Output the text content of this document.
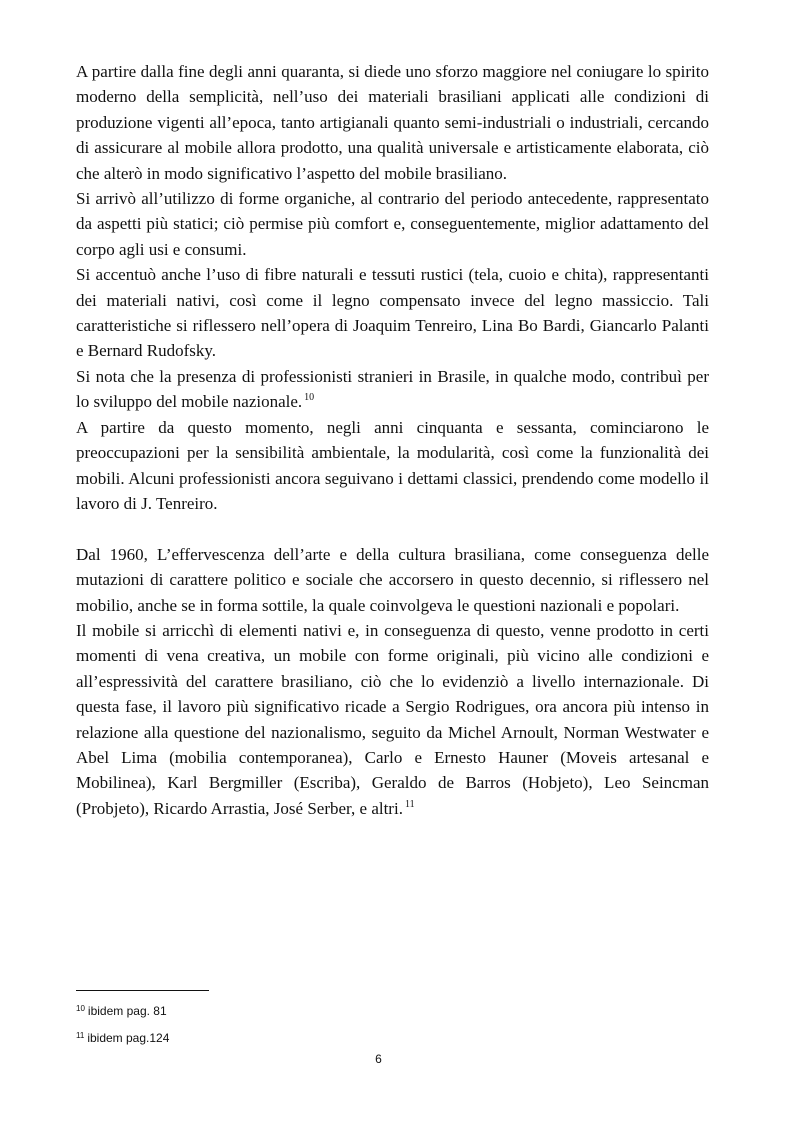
A partire dalla fine degli anni quaranta, si diede uno sforzo maggiore nel coniugare lo spirito moderno della semplicità, nell’uso dei materiali brasiliani applicati alle condizioni di produzione vigenti all’epoca, tanto artigianali quanto semi-industriali o industriali, cercando di assicurare al mobile allora prodotto, una qualità universale e artisticamente elaborata, ciò che alterò in modo significativo l’aspetto del mobile brasiliano.

Si arrivò all’utilizzo di forme organiche, al contrario del periodo antecedente, rappresentato da aspetti più statici; ciò permise più comfort e, conseguentemente, miglior adattamento del corpo agli usi e consumi.

Si accentuò anche l’uso di fibre naturali e tessuti rustici (tela, cuoio e chita), rappresentanti dei materiali nativi, così come il legno compensato invece del legno massiccio. Tali caratteristiche si riflessero nell’opera di Joaquim Tenreiro, Lina Bo Bardi, Giancarlo Palanti e Bernard Rudofsky.

Si nota che la presenza di professionisti stranieri in Brasile, in qualche modo, contribuì per lo sviluppo del mobile nazionale. $^{10}$

A partire da questo momento, negli anni cinquanta e sessanta, cominciarono le preoccupazioni per la sensibilità ambientale, la modularità, così come la funzionalità dei mobili. Alcuni professionisti ancora seguivano i dettami classici, prendendo come modello il lavoro di J. Tenreiro.

Dal 1960, L’effervescenza dell’arte e della cultura brasiliana, come conseguenza delle mutazioni di carattere politico e sociale che accorsero in questo decennio, si riflessero nel mobilio, anche se in forma sottile, la quale coinvolgeva le questioni nazionali e popolari.

Il mobile si arricchì di elementi nativi e, in conseguenza di questo, venne prodotto in certi momenti di vena creativa, un mobile con forme originali, più vicino alle condizioni e all’espressività del carattere brasiliano, ciò che lo evidenziò a livello internazionale. Di questa fase, il lavoro più significativo ricade a Sergio Rodrigues, ora ancora più intenso in relazione alla questione del nazionalismo, seguito da Michel Arnoult, Norman Westwater e Abel Lima (mobilia contemporanea), Carlo e Ernesto Hauner (Moveis artesanal e Mobilinea), Karl Bergmiller (Escriba), Geraldo de Barros (Hobjeto), Leo Seincman (Probjeto), Ricardo Arrastia, José Serber, e altri. $^{11}$

$^{10}$ ibidem pag. 81
$^{11}$ ibidem pag.124
6
